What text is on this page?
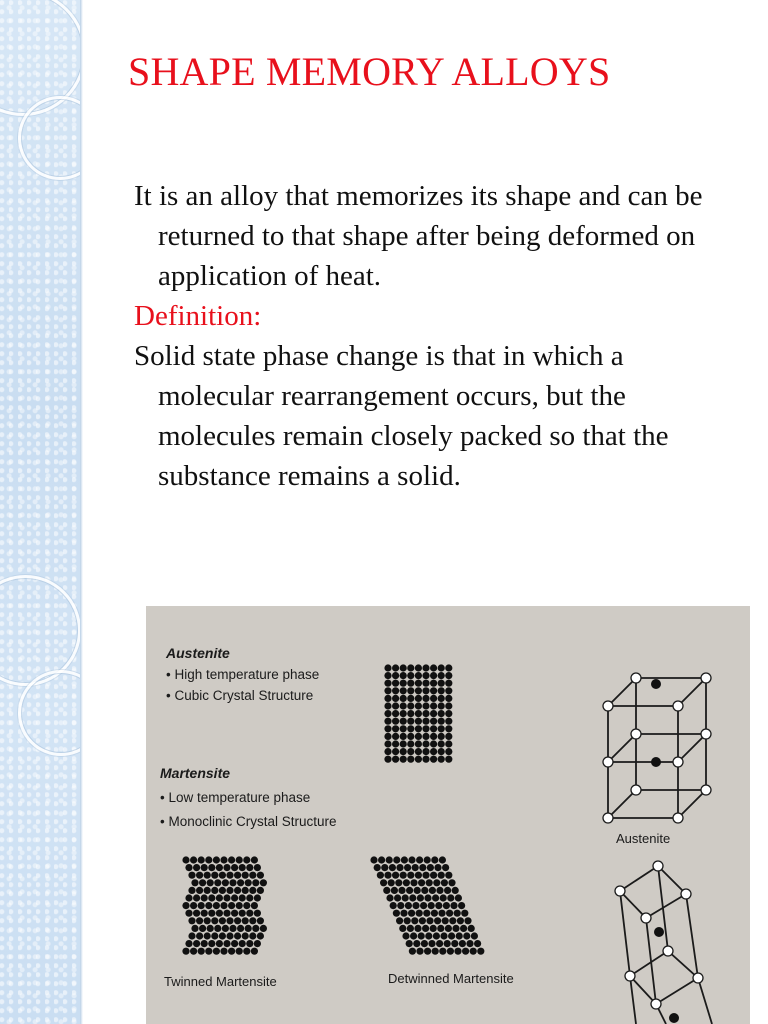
SHAPE MEMORY ALLOYS

It is an alloy that memorizes its shape and can be returned to that shape after being deformed on application of heat.

Definition:

Solid state phase change is that in which a molecular rearrangement occurs, but the molecules remain closely packed so that the substance remains a solid.

Austenite
• High temperature phase
• Cubic Crystal Structure
Martensite
• Low temperature phase
• Monoclinic Crystal Structure
Austenite
Twinned Martensite	Detwinned Martensite
